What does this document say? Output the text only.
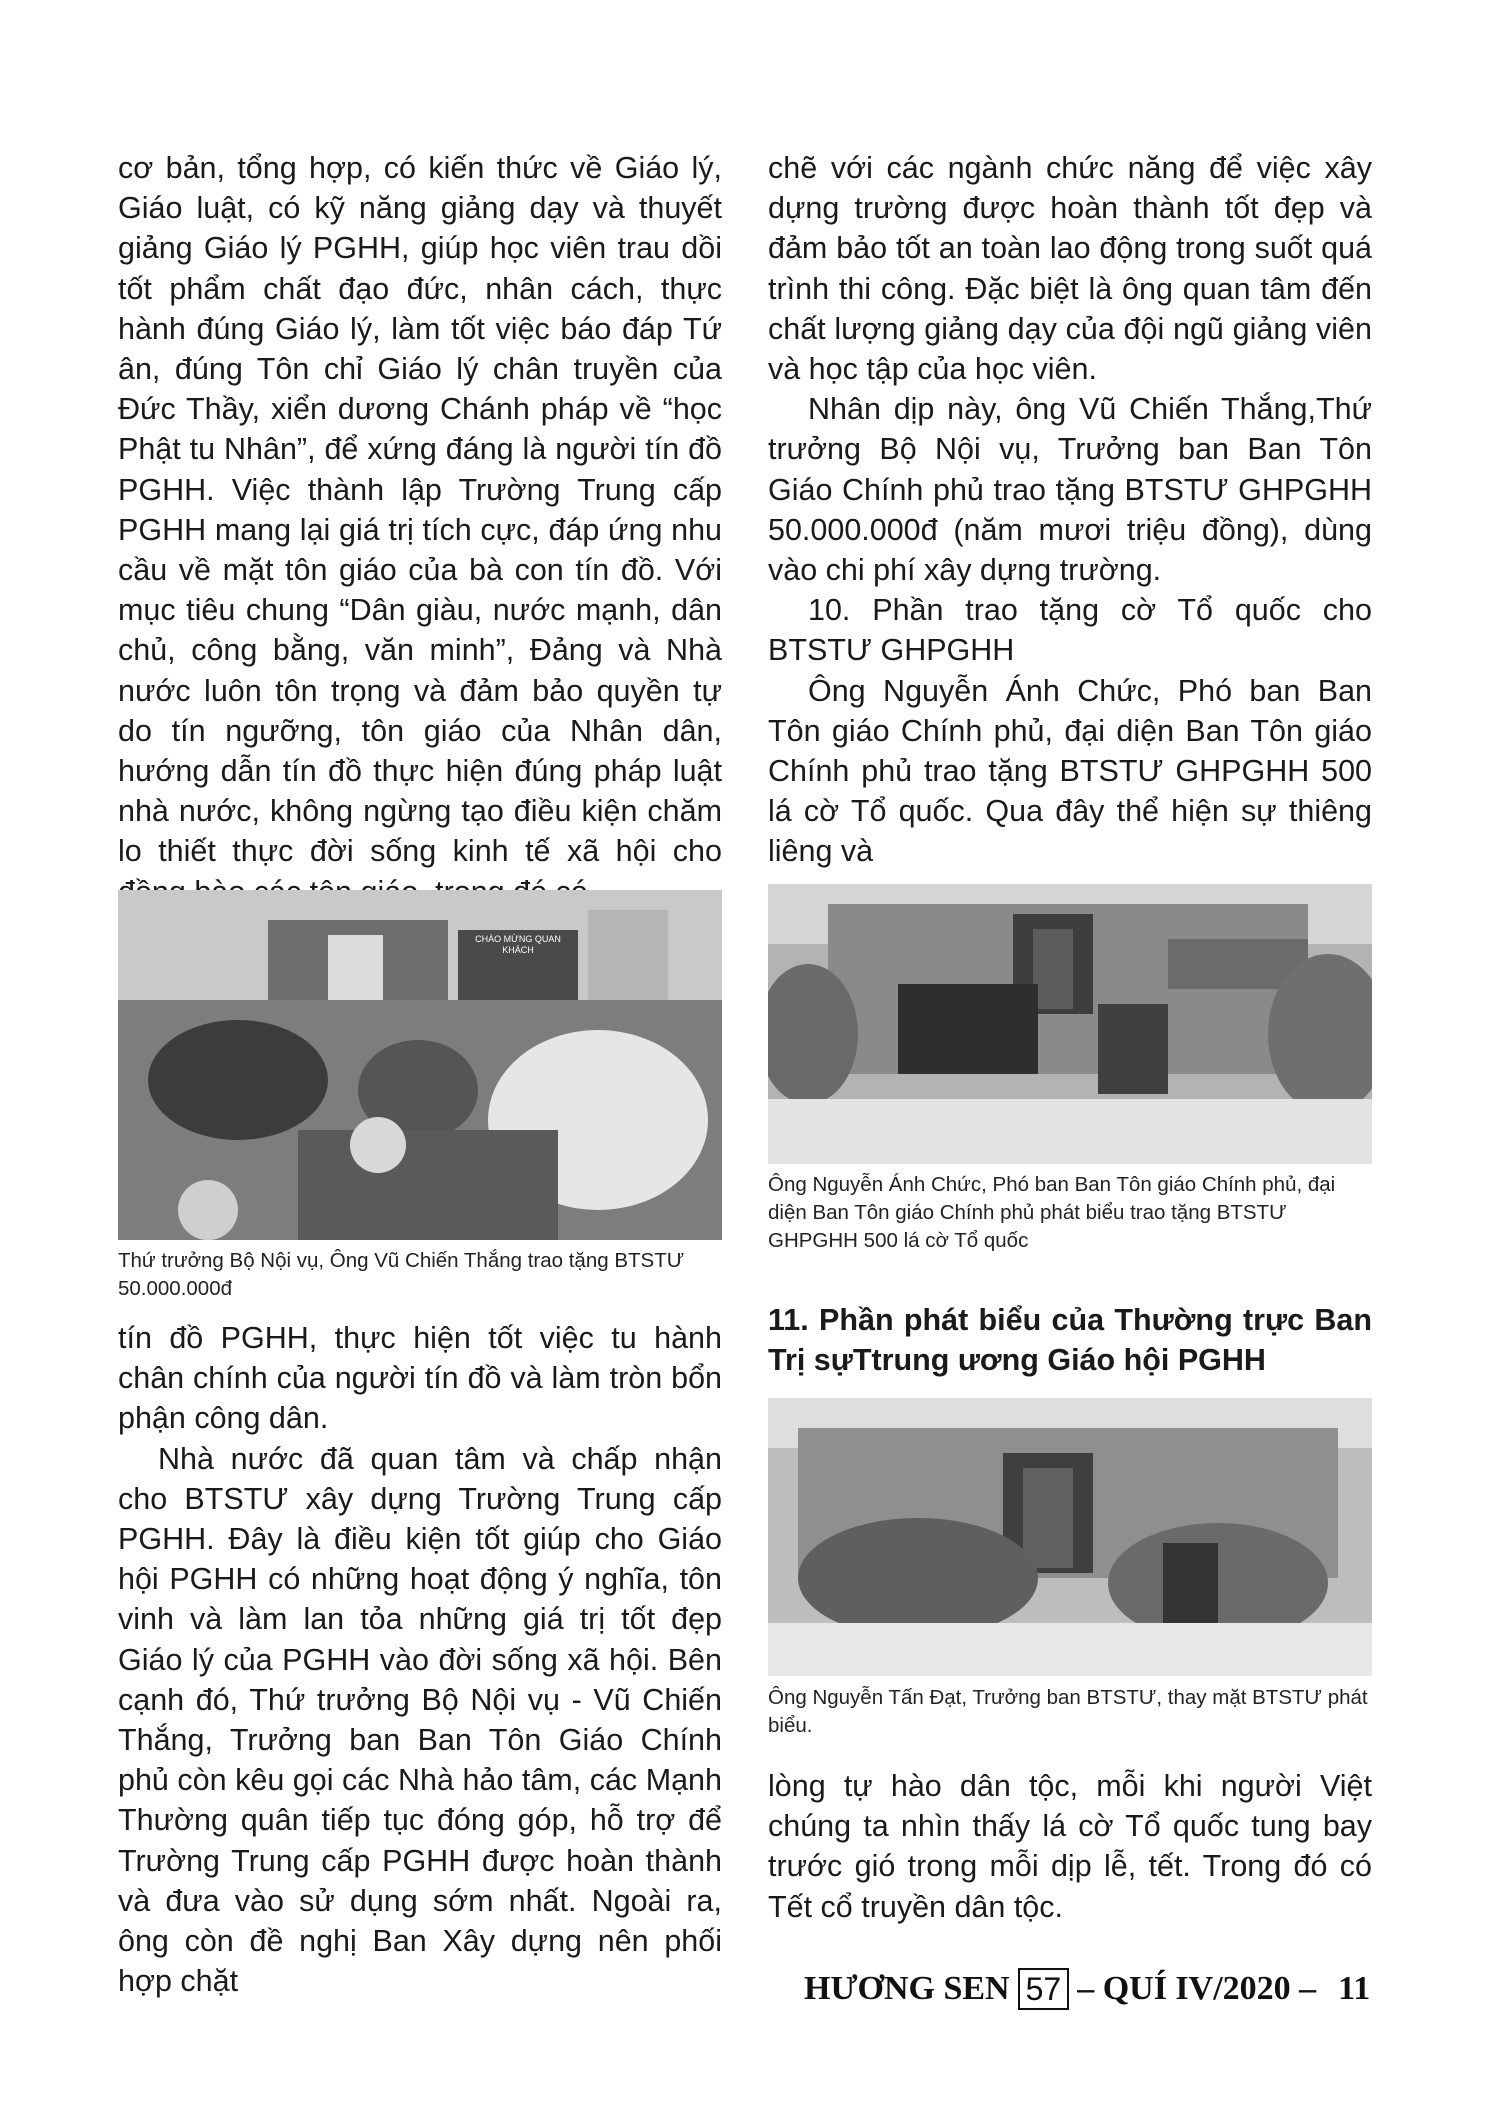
cơ bản, tổng hợp, có kiến thức về Giáo lý, Giáo luật, có kỹ năng giảng dạy và thuyết giảng Giáo lý PGHH, giúp học viên trau dồi tốt phẩm chất đạo đức, nhân cách, thực hành đúng Giáo lý, làm tốt việc báo đáp Tứ ân, đúng Tôn chỉ Giáo lý chân truyền của Đức Thầy, xiển dương Chánh pháp về “học Phật tu Nhân”, để xứng đáng là người tín đồ PGHH. Việc thành lập Trường Trung cấp PGHH mang lại giá trị tích cực, đáp ứng nhu cầu về mặt tôn giáo của bà con tín đồ. Với mục tiêu chung “Dân giàu, nước mạnh, dân chủ, công bằng, văn minh”, Đảng và Nhà nước luôn tôn trọng và đảm bảo quyền tự do tín ngưỡng, tôn giáo của Nhân dân, hướng dẫn tín đồ thực hiện đúng pháp luật nhà nước, không ngừng tạo điều kiện chăm lo thiết thực đời sống kinh tế xã hội cho

CHÀO MỪNG QUAN KHÁCH

Thứ trưởng Bộ Nội vụ, Ông Vũ Chiến Thắng trao tặng BTSTƯ 50.000.000đ

tín đồ PGHH, thực hiện tốt việc tu hành chân chính của người tín đồ và làm tròn bổn phận công dân.

Nhà nước đã quan tâm và chấp nhận cho BTSTƯ xây dựng Trường Trung cấp PGHH. Đây là điều kiện tốt giúp cho Giáo hội PGHH có những hoạt động ý nghĩa, tôn vinh và làm lan tỏa những giá trị tốt đẹp Giáo lý của PGHH vào đời sống xã hội. Bên cạnh đó, Thứ trưởng Bộ Nội vụ - Vũ Chiến Thắng, Trưởng ban Ban Tôn Giáo Chính phủ còn kêu gọi các Nhà hảo tâm, các Mạnh Thường quân tiếp tục đóng góp, hỗ trợ để Trường Trung cấp PGHH được hoàn thành và đưa vào sử dụng sớm nhất. Ngoài ra, ông còn đề nghị Ban Xây dựng nên phối hợp chặt

chẽ với các ngành chức năng để việc xây dựng trường được hoàn thành tốt đẹp và đảm bảo tốt an toàn lao động trong suốt quá trình thi công. Đặc biệt là ông quan tâm đến chất lượng giảng dạy của đội ngũ giảng viên và học tập của học viên.

Nhân dịp này, ông Vũ Chiến Thắng,Thứ trưởng Bộ Nội vụ, Trưởng ban Ban Tôn Giáo Chính phủ trao tặng BTSTƯ GHPGHH 50.000.000đ (năm mươi triệu đồng), dùng vào chi phí xây dựng trường.

10. Phần trao tặng cờ Tổ quốc cho BTSTƯ GHPGHH

Ông Nguyễn Ánh Chức, Phó ban Ban Tôn giáo Chính phủ, đại diện Ban Tôn giáo Chính phủ trao tặng BTSTƯ GHPGHH 500 lá cờ Tổ quốc. Qua đây thể hiện sự thiêng liêng và

Ông Nguyễn Ánh Chức, Phó ban Ban Tôn giáo Chính phủ, đại diện Ban Tôn giáo Chính phủ phát biểu trao tặng BTSTƯ GHPGHH 500 lá cờ Tổ quốc

11. Phần phát biểu của Thường trực Ban Trị sựTtrung ương Giáo hội PGHH

Ông Nguyễn Tấn Đạt, Trưởng ban BTSTƯ, thay mặt BTSTƯ phát biểu.

lòng tự hào dân tộc, mỗi khi người Việt chúng ta nhìn thấy lá cờ Tổ quốc tung bay trước gió trong mỗi dịp lễ, tết. Trong đó có Tết cổ truyền dân tộc.

HƯƠNG SEN 57 – QUÍ IV/2020 – 11
